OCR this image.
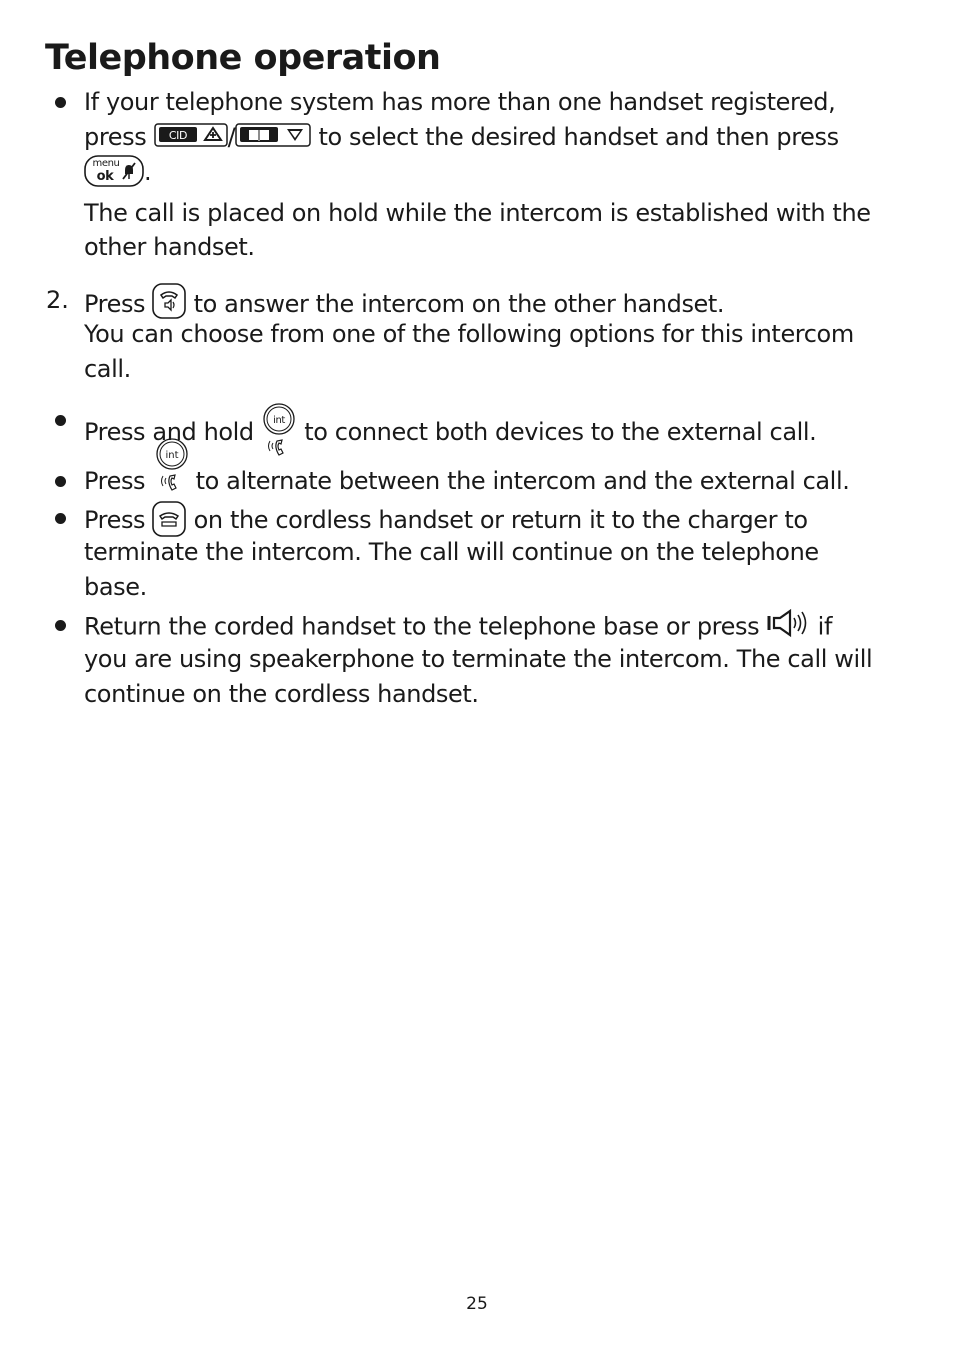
Telephone operation
If your telephone system has more than one handset registered,
press CID /	to select the desired handset and then press
menu
ok .
The call is placed on hold while the intercom is established with the
other handset.
2. Press to answer the intercom on the other handset.
You can choose from one of the following options for this intercom
call.
Press and hold int to connect both devices to the external call.
Press to alternate between the intercom and the external call.
int
Press on the cordless handset or return it to the charger to
terminate the intercom. The call will continue on the telephone
base.
Return the corded handset to the telephone base or press if
you are using speakerphone to terminate the intercom. The call will
continue on the cordless handset.
25
